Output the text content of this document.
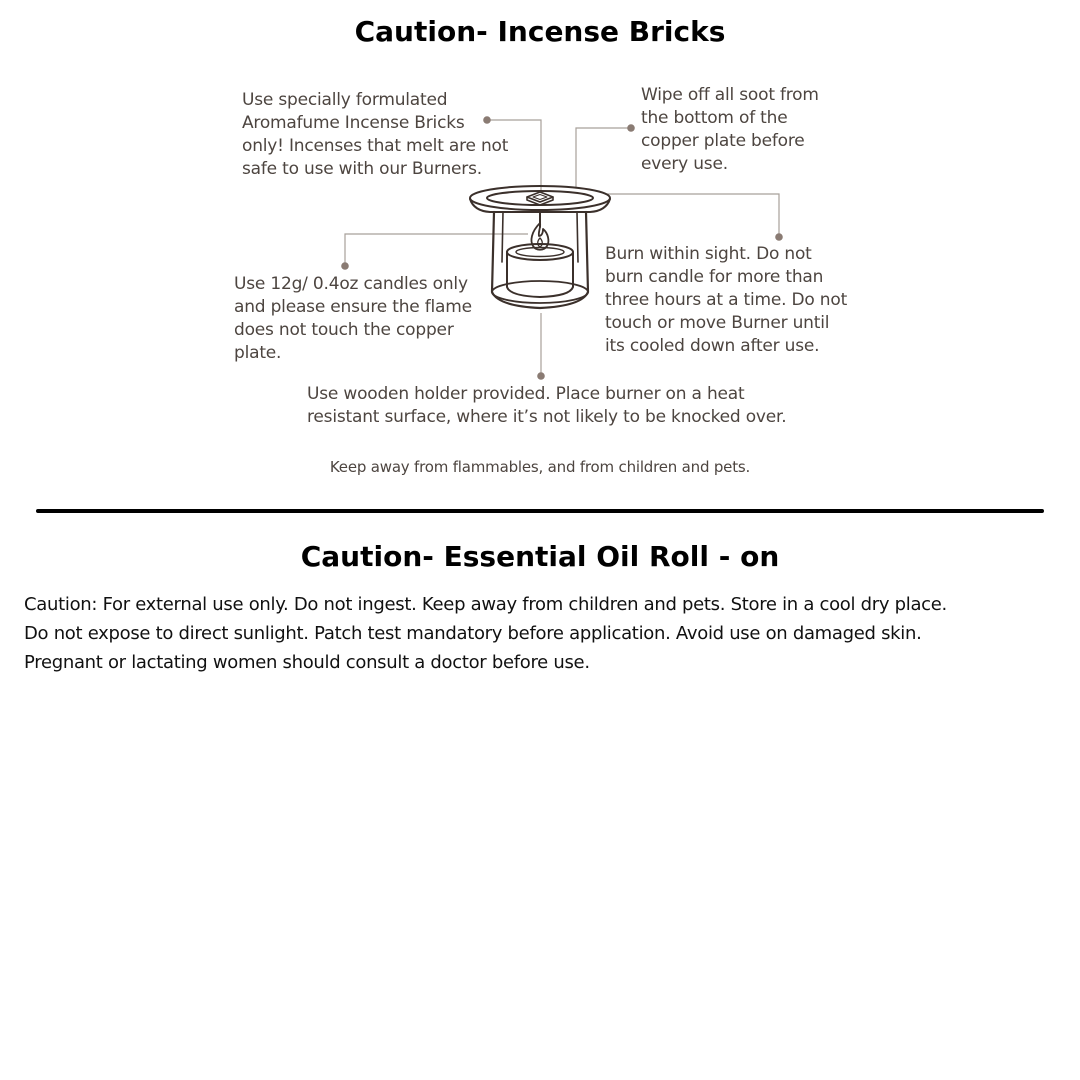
Caution- Incense Bricks

Use specially formulated
Aromafume Incense Bricks
only! Incenses that melt are not
safe to use with our Burners.

Wipe off all soot from
the bottom of the
copper plate before
every use.

Use 12g/ 0.4oz candles only
and please ensure the flame
does not touch the copper
plate.

Burn within sight. Do not
burn candle for more than
three hours at a time. Do not
touch or move Burner until
its cooled down after use.

Use wooden holder provided. Place burner on a heat
resistant surface, where it’s not likely to be knocked over.

Keep away from flammables, and from children and pets.

Caution- Essential Oil Roll - on

Caution: For external use only. Do not ingest. Keep away from children and pets. Store in a cool dry place.
Do not expose to direct sunlight. Patch test mandatory before application. Avoid use on damaged skin.
Pregnant or lactating women should consult a doctor before use.
